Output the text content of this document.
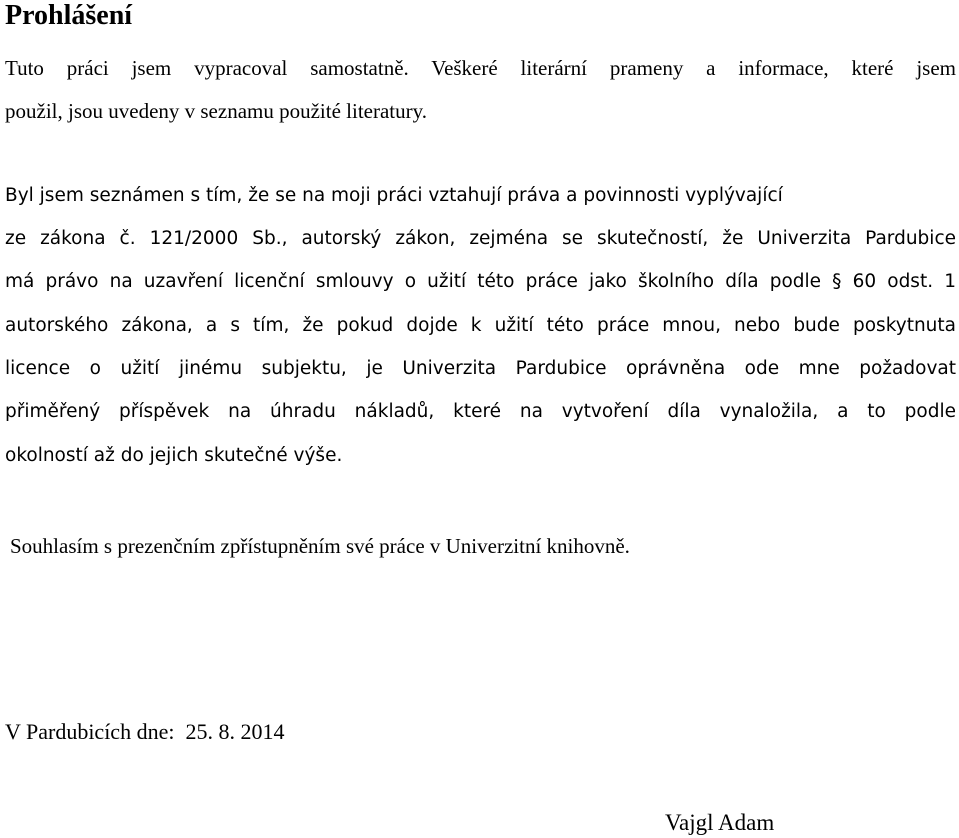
Prohlášení

Tuto práci jsem vypracoval samostatně. Veškeré literární prameny a informace, které jsem

použil, jsou uvedeny v seznamu použité literatury.

Byl jsem seznámen s tím, že se na moji práci vztahují práva a povinnosti vyplývající

ze zákona č. 121/2000 Sb., autorský zákon, zejména se skutečností, že Univerzita Pardubice

má právo na uzavření licenční smlouvy o užití této práce jako školního díla podle § 60 odst. 1

autorského zákona, a s tím, že pokud dojde k užití této práce mnou, nebo bude poskytnuta

licence o užití jinému subjektu, je Univerzita Pardubice oprávněna ode mne požadovat

přiměřený příspěvek na úhradu nákladů, které na vytvoření díla vynaložila, a to podle

okolností až do jejich skutečné výše.

Souhlasím s prezenčním zpřístupněním své práce v Univerzitní knihovně.

V Pardubicích dne:  25. 8. 2014

Vajgl Adam
